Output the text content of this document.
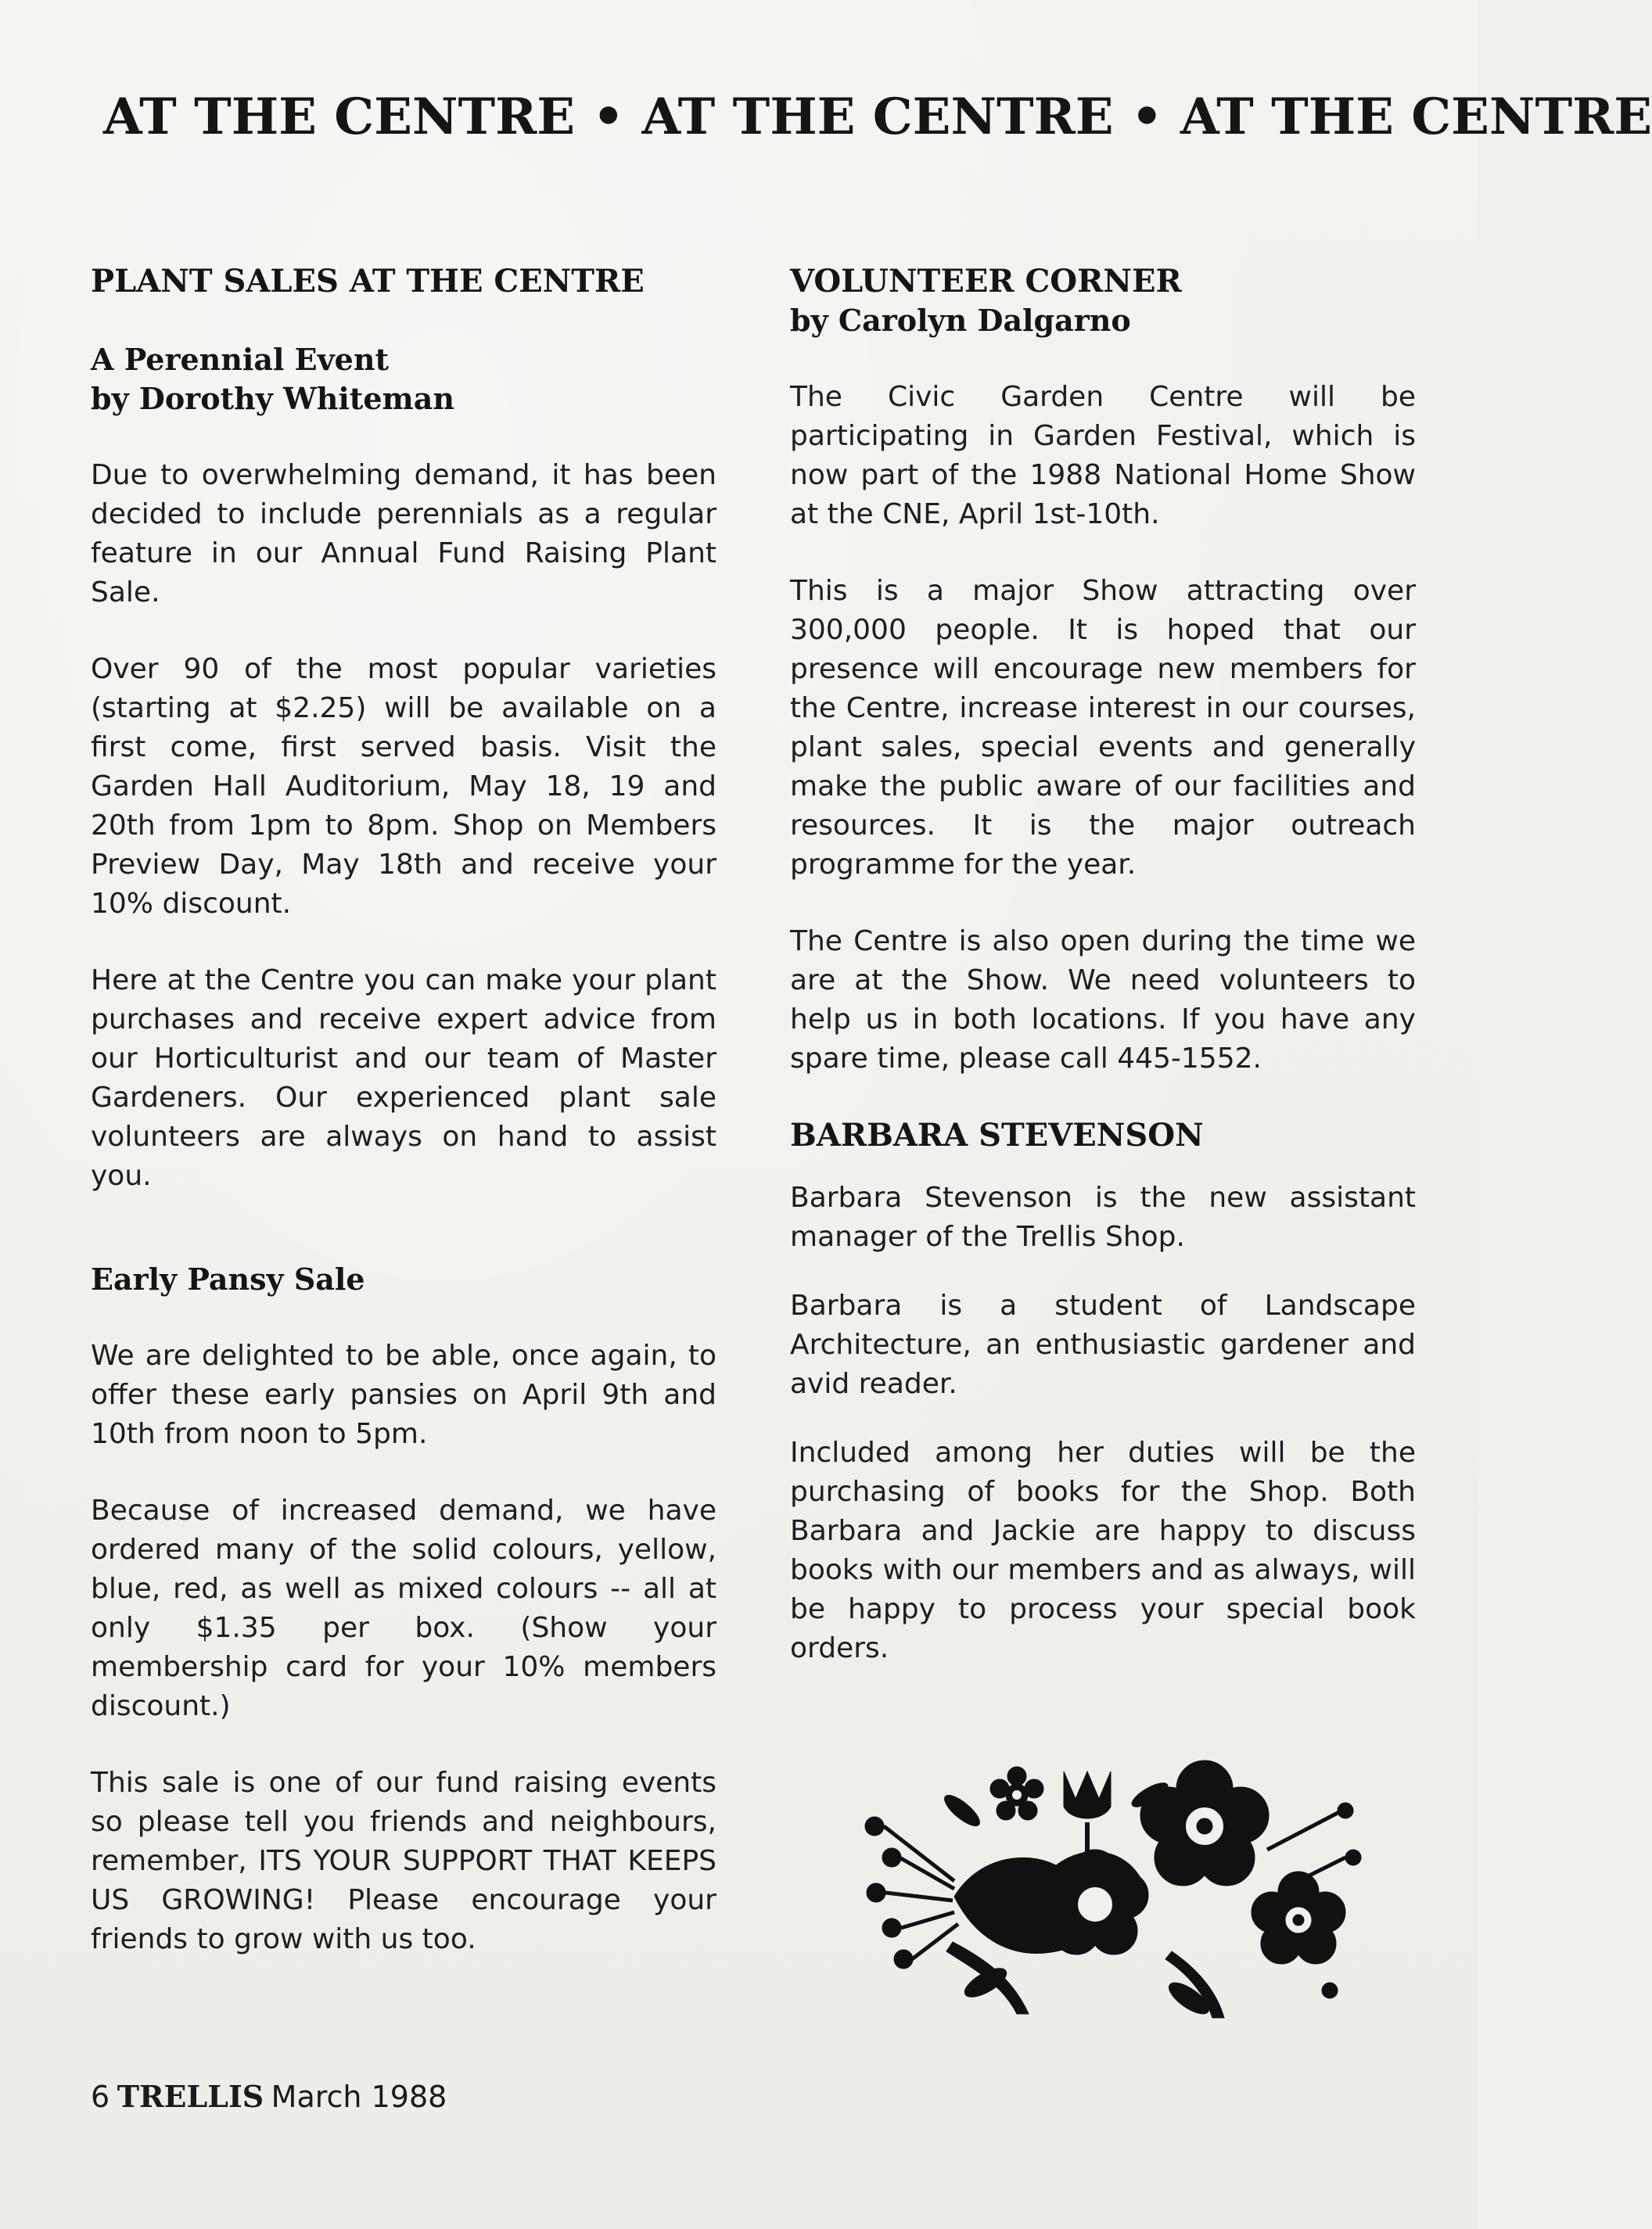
AT THE CENTRE • AT THE CENTRE • AT THE CENTRE
PLANT SALES AT THE CENTRE
A Perennial Event
by Dorothy Whiteman

Due to overwhelming demand, it has been decided to include perennials as a regular feature in our Annual Fund Raising Plant Sale.

Over 90 of the most popular varieties (starting at $2.25) will be available on a first come, first served basis. Visit the Garden Hall Auditorium, May 18, 19 and 20th from 1pm to 8pm. Shop on Members Preview Day, May 18th and receive your 10% discount.

Here at the Centre you can make your plant purchases and receive expert advice from our Horticulturist and our team of Master Gardeners. Our experienced plant sale volunteers are always on hand to assist you.

Early Pansy Sale

We are delighted to be able, once again, to offer these early pansies on April 9th and 10th from noon to 5pm.

Because of increased demand, we have ordered many of the solid colours, yellow, blue, red, as well as mixed colours -- all at only $1.35 per box. (Show your membership card for your 10% members discount.)

This sale is one of our fund raising events so please tell you friends and neighbours, remember, ITS YOUR SUPPORT THAT KEEPS US GROWING! Please encourage your friends to grow with us too.

VOLUNTEER CORNER
by Carolyn Dalgarno

The Civic Garden Centre will be participating in Garden Festival, which is now part of the 1988 National Home Show at the CNE, April 1st-10th.

This is a major Show attracting over 300,000 people. It is hoped that our presence will encourage new members for the Centre, increase interest in our courses, plant sales, special events and generally make the public aware of our facilities and resources. It is the major outreach programme for the year.

The Centre is also open during the time we are at the Show. We need volunteers to help us in both locations. If you have any spare time, please call 445-1552.

BARBARA STEVENSON

Barbara Stevenson is the new assistant manager of the Trellis Shop.

Barbara is a student of Landscape Architecture, an enthusiastic gardener and avid reader.

Included among her duties will be the purchasing of books for the Shop. Both Barbara and Jackie are happy to discuss books with our members and as always, will be happy to process your special book orders.

6 TRELLIS March 1988
